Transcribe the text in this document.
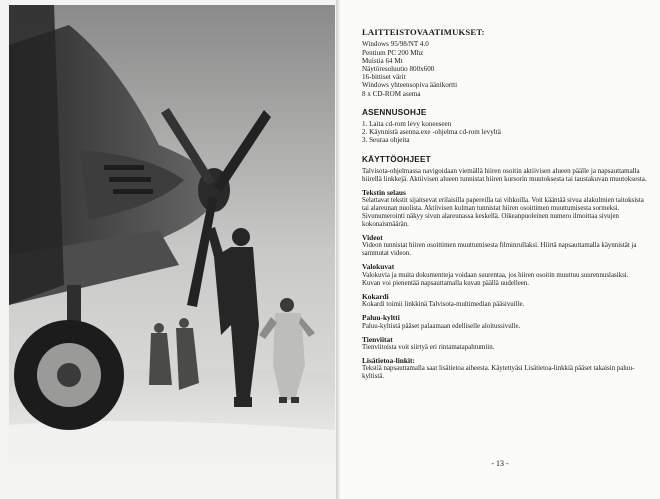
LAITTEISTOVAATIMUKSET:
Windows 95/98/NT 4.0
Pentium PC 200 Mhz
Muistia 64 Mt
Näytöresoluutio 800x600
16-bittiset värit
Windows yhteensopiva äänikortti
8 x CD-ROM asema
ASENNUSOHJE
1. Laita cd-rom levy koneeseen
2. Käynnistä asenna.exe -ohjelma cd-rom levyltä
3. Seuraa ohjeita
KÄYTTÖOHJEET

Talvisota-ohjelmassa navigoidaan viemällä hiiren osoitin aktiivisen alueen päälle ja napsauttamalla hiirellä linkkejä. Aktiivisen alueen tunnistat hiiren kursorin muutoksesta tai taustakuvan muutoksesta.

Tekstin selaus
Selattavat tekstit sijaitsevat erilaisilla papereilla tai vihkoilla. Voit kääntää sivua alakulmien taitoksista tai alareunan nuolista. Aktiivisen kulman tunnistat hiiren osoittimen muuttumisesta sormeksi. Sivunumerointi näkyy sivun alareunassa keskellä. Oikeanpuoleinen numero ilmoittaa sivujen kokonaismäärän.
Videot
Videon tunnistat hiiren osoittimen muuttumisesta filminrullaksi. Hiirtä napsauttamalla käynnistät ja sammutat videon.
Valokuvat
Valokuvia ja muita dokumentteja voidaan suurentaa, jos hiiren osoitin muuttuu suurennuslasiksi. Kuvan voi pienentää napsauttamalla kuvan päällä uudelleen.
Kokardi
Kokardi toimii linkkinä Talvisota-multimedian pääsivuille.
Paluu-kyltti
Paluu-kyltistä pääset palaamaan edelliselle aloitussivulle.
Tienviitat
Tienviitoista voit siirtyä eri rintamatapahtumiin.
Lisätietoa-linkit:
Tekstiä napsauttamalla saat lisätietoa aiheesta. Käytettyäsi Lisätietoa-linkkiä pääset takaisin paluu-kyltistä.
- 13 -
